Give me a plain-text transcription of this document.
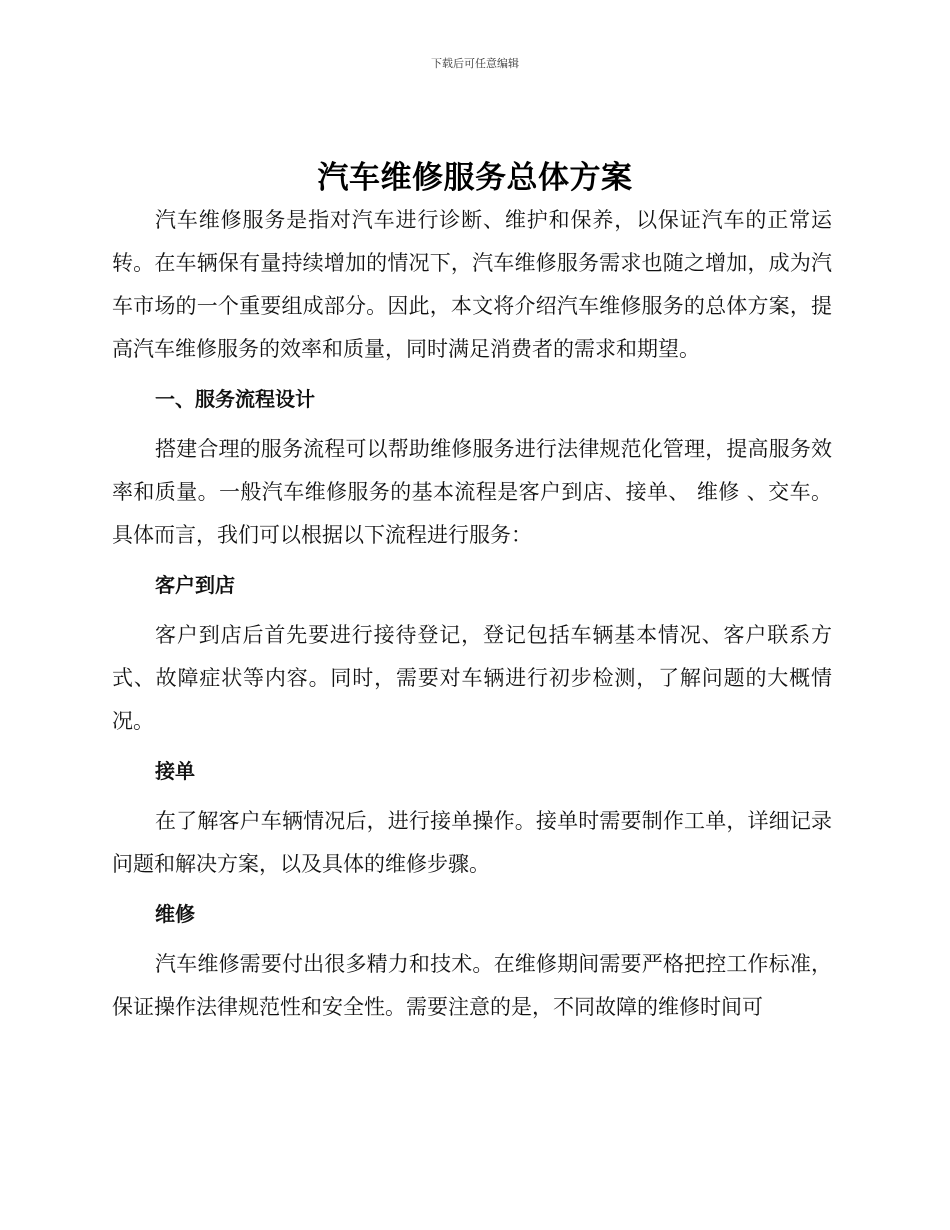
下载后可任意编辑
汽车维修服务总体方案

汽车维修服务是指对汽车进行诊断、维护和保养，以保证汽车的正常运转。在车辆保有量持续增加的情况下，汽车维修服务需求也随之增加，成为汽车市场的一个重要组成部分。因此，本文将介绍汽车维修服务的总体方案，提高汽车维修服务的效率和质量，同时满足消费者的需求和期望。

一、服务流程设计

搭建合理的服务流程可以帮助维修服务进行法律规范化管理，提高服务效率和质量。一般汽车维修服务的基本流程是客户到店、接单、 维修 、交车。具体而言，我们可以根据以下流程进行服务：

客户到店

客户到店后首先要进行接待登记，登记包括车辆基本情况、客户联系方式、故障症状等内容。同时，需要对车辆进行初步检测，了解问题的大概情况。

接单

在了解客户车辆情况后，进行接单操作。接单时需要制作工单，详细记录问题和解决方案，以及具体的维修步骤。

维修

汽车维修需要付出很多精力和技术。在维修期间需要严格把控工作标准，保证操作法律规范性和安全性。需要注意的是，不同故障的维修时间可
